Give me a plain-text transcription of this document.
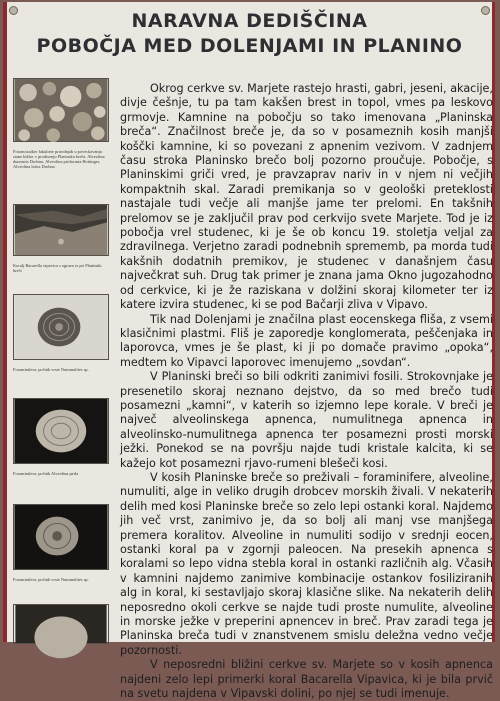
NARAVNA DEDIŠČINA
POBOČJA MED DOLENJAMI IN PLANINO
Fotomozaiker fakultete prirodnjak u poveckavanja stane kiklor v prodisenju Planinska breča. Alveolina dunonsis Drobno, Alveolina piriformia Hottinger, Alveolina latiss Drobno
Koralj Bacarella vipavica s ogrozo iz pri Planinski breči
Foraminifera: počnik vrste Nummulites sp.
Foraminifera: počnik Alveolina perla
Foraminifera: počnik vrste Nummulites sp.

Okrog cerkve sv. Marjete rastejo hrasti, gabri, jeseni, akacije, divje češnje, tu pa tam kakšen brest in topol, vmes pa leskovo grmovje. Kamnine na pobočju so tako imenovana „Planinska breča“. Značilnost breče je, da so v posameznih kosih manjši koščki kamnine, ki so povezani z apnenim vezivom. V zadnjem času stroka Planinsko brečo bolj pozorno proučuje. Pobočje, s Planinskimi griči vred, je pravzaprav nariv in v njem ni večjih kompaktnih skal. Zaradi premikanja so v geološki preteklosti nastajale tudi večje ali manjše jame ter prelomi. En takšnih prelomov se je zaključil prav pod cerkvijo svete Marjete. Tod je iz pobočja vrel studenec, ki je še ob koncu 19. stoletja veljal za zdravilnega. Verjetno zaradi podnebnih sprememb, pa morda tudi kakšnih dodatnih premikov, je studenec v današnjem času največkrat suh. Drug tak primer je znana jama Okno jugozahodno od cerkvice, ki je že raziskana v dolžini skoraj kilometer ter iz katere izvira studenec, ki se pod Bačarji zliva v Vipavo.

Tik nad Dolenjami je značilna plast eocenskega fliša, z vsemi klasičnimi plastmi. Fliš je zaporedje konglomerata, peščenjaka in laporovca, vmes je še plast, ki ji po domače pravimo „opoka“, medtem ko Vipavci laporovec imenujemo „sovdan“.

V Planinski breči so bili odkriti zanimivi fosili. Strokovnjake je presenetilo skoraj neznano dejstvo, da so med brečo tudi posamezni „kamni“, v katerih so izjemno lepe korale. V breči je največ alveolinskega apnenca, numulitnega apnenca in alveolinsko-numulitnega apnenca ter posamezni prosti morski ježki. Ponekod se na površju najde tudi kristale kalcita, ki se kažejo kot posamezni rjavo-rumeni blešeči kosi.

V kosih Planinske breče so preživali – foraminifere, alveoline, numuliti, alge in veliko drugih drobcev morskih živali. V nekaterih delih med kosi Planinske breče so zelo lepi ostanki koral. Najdemo jih več vrst, zanimivo je, da so bolj ali manj vse manjšega premera koralitov. Alveoline in numuliti sodijo v srednji eocen, ostanki koral pa v zgornji paleocen. Na presekih apnenca s koralami so lepo vidna stebla koral in ostanki različnih alg. Včasih v kamnini najdemo zanimive kombinacije ostankov fosiliziranih alg in koral, ki sestavljajo skoraj klasične slike. Na nekaterih delih neposredno okoli cerkve se najde tudi proste numulite, alveoline in morske ježke v preperini apnencev in breč. Prav zaradi tega je Planinska breča tudi v znanstvenem smislu deležna vedno večje pozornosti.

V neposredni bližini cerkve sv. Marjete so v kosih apnenca najdeni zelo lepi primerki koral Bacarella Vipavica, ki je bila prvič na svetu najdena v Vipavski dolini, po njej se tudi imenuje.
